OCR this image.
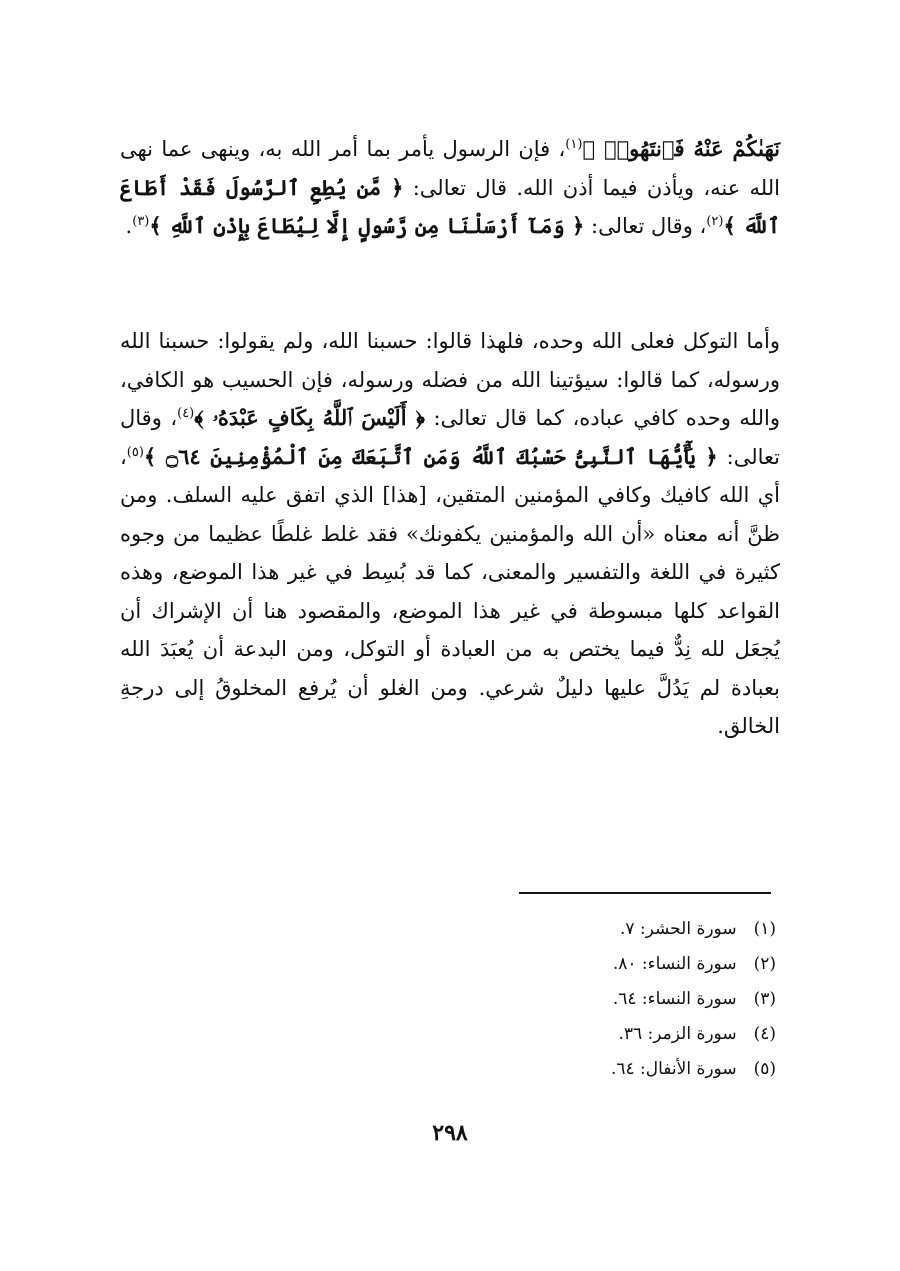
نَهَىٰكُمْ عَنْهُ فَٱنتَهُوا۟ ﴾$^{(١)}$، فإن الرسول يأمر بما أمر الله به، وينهى عما نهى الله عنه، ويأذن فيما أذن الله. قال تعالى: ﴿ مَّن يُطِعِ ٱلرَّسُولَ فَقَدْ أَطَاعَ ٱللَّهَ ﴾$^{(٢)}$، وقال تعالى: ﴿ وَمَآ أَرْسَلْنَا مِن رَّسُولٍ إِلَّا لِيُطَاعَ بِإِذْنِ ٱللَّهِ ﴾$^{(٣)}$.
وأما التوكل فعلى الله وحده، فلهذا قالوا: حسبنا الله، ولم يقولوا: حسبنا الله ورسوله، كما قالوا: سيؤتينا الله من فضله ورسوله، فإن الحسيب هو الكافي، والله وحده كافي عباده، كما قال تعالى: ﴿ أَلَيْسَ ٱللَّهُ بِكَافٍ عَبْدَهُۥ ﴾$^{(٤)}$، وقال تعالى: ﴿ يَٰٓأَيُّهَا ٱلنَّبِىُّ حَسْبُكَ ٱللَّهُ وَمَنِ ٱتَّبَعَكَ مِنَ ٱلْمُؤْمِنِينَ ۝٦٤ ﴾$^{(٥)}$، أي الله كافيك وكافي المؤمنين المتقين، [هذا] الذي اتفق عليه السلف. ومن ظنَّ أنه معناه «أن الله والمؤمنين يكفونك» فقد غلط غلطًا عظيما من وجوه كثيرة في اللغة والتفسير والمعنى، كما قد بُسِط في غير هذا الموضع، وهذه القواعد كلها مبسوطة في غير هذا الموضع، والمقصود هنا أن الإشراك أن يُجعَل لله نِدٌّ فيما يختص به من العبادة أو التوكل، ومن البدعة أن يُعبَدَ الله بعبادة لم يَدُلَّ عليها دليلٌ شرعي. ومن الغلو أن يُرفع المخلوقُ إلى درجةِ الخالق.
(١) سورة الحشر: ٧.
(٢) سورة النساء: ٨٠.
(٣) سورة النساء: ٦٤.
(٤) سورة الزمر: ٣٦.
(٥) سورة الأنفال: ٦٤.
٢٩٨
